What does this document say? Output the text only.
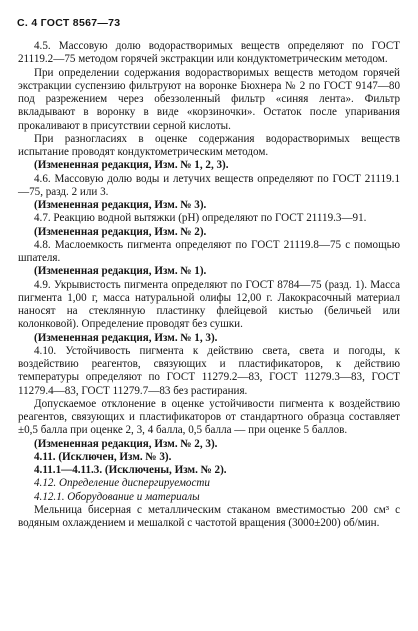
С. 4 ГОСТ 8567—73

4.5. Массовую долю водорастворимых веществ определяют по ГОСТ 21119.2—75 методом горячей экстракции или кондуктометрическим методом.

При определении содержания водорастворимых веществ методом горячей экстракции суспензию фильтруют на воронке Бюхнера № 2 по ГОСТ 9147—80 под разрежением через обеззоленный фильтр «синяя лента». Фильтр вкладывают в воронку в виде «корзиночки». Остаток после упаривания прокаливают в присутствии серной кислоты.

При разногласиях в оценке содержания водорастворимых веществ испытание проводят кондуктометрическим методом.

(Измененная редакция, Изм. № 1, 2, 3).

4.6. Массовую долю воды и летучих веществ определяют по ГОСТ 21119.1—75, разд. 2 или 3.

(Измененная редакция, Изм. № 3).

4.7. Реакцию водной вытяжки (рН) определяют по ГОСТ 21119.3—91.

(Измененная редакция, Изм. № 2).

4.8. Маслоемкость пигмента определяют по ГОСТ 21119.8—75 с помощью шпателя.

(Измененная редакция, Изм. № 1).

4.9. Укрывистость пигмента определяют по ГОСТ 8784—75 (разд. 1). Масса пигмента 1,00 г, масса натуральной олифы 12,00 г. Лакокрасочный материал наносят на стеклянную пластинку флейцевой кистью (беличьей или колонковой). Определение проводят без сушки.

(Измененная редакция, Изм. № 1, 3).

4.10. Устойчивость пигмента к действию света, света и погоды, к воздействию реагентов, связующих и пластификаторов, к действию температуры определяют по ГОСТ 11279.2—83, ГОСТ 11279.3—83, ГОСТ 11279.4—83, ГОСТ 11279.7—83 без растирания.

Допускаемое отклонение в оценке устойчивости пигмента к воздействию реагентов, связующих и пластификаторов от стандартного образца составляет ±0,5 балла при оценке 2, 3, 4 балла, 0,5 балла — при оценке 5 баллов.

(Измененная редакция, Изм. № 2, 3).

4.11. (Исключен, Изм. № 3).

4.11.1—4.11.3. (Исключены, Изм. № 2).

4.12. Определение диспергируемости

4.12.1. Оборудование и материалы

Мельница бисерная с металлическим стаканом вместимостью 200 см³ с водяным охлаждением и мешалкой с частотой вращения (3000±200) об/мин.
